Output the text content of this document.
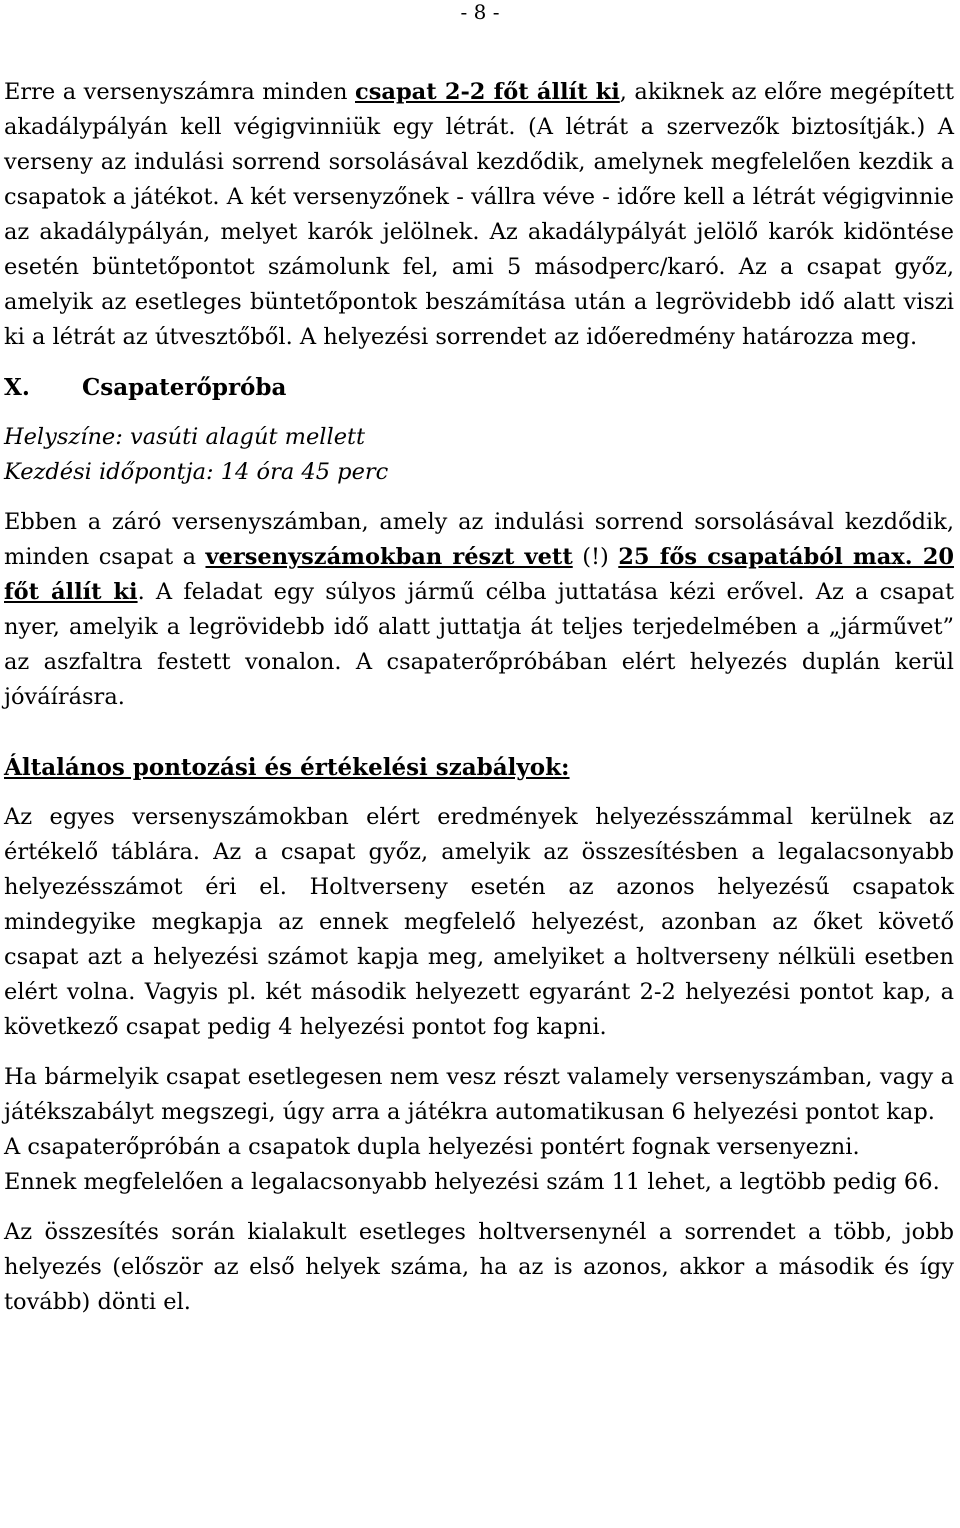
- 8 -

Erre a versenyszámra minden csapat 2-2 főt állít ki, akiknek az előre megépített akadálypályán kell végigvinniük egy létrát. (A létrát a szervezők biztosítják.) A verseny az indulási sorrend sorsolásával kezdődik, amelynek megfelelően kezdik a csapatok a játékot. A két versenyzőnek - vállra véve - időre kell a létrát végigvinnie az akadálypályán, melyet karók jelölnek. Az akadálypályát jelölő karók kidöntése esetén büntetőpontot számolunk fel, ami 5 másodperc/karó. Az a csapat győz, amelyik az esetleges büntetőpontok beszámítása után a legrövidebb idő alatt viszi ki a létrát az útvesztőből. A helyezési sorrendet az időeredmény határozza meg.

X. Csapaterőpróba

Helyszíne: vasúti alagút mellett

Kezdési időpontja: 14 óra 45 perc

Ebben a záró versenyszámban, amely az indulási sorrend sorsolásával kezdődik, minden csapat a versenyszámokban részt vett (!) 25 fős csapatából max. 20 főt állít ki. A feladat egy súlyos jármű célba juttatása kézi erővel. Az a csapat nyer, amelyik a legrövidebb idő alatt juttatja át teljes terjedelmében a „járművet” az aszfaltra festett vonalon. A csapaterőpróbában elért helyezés duplán kerül jóváírásra.

Általános pontozási és értékelési szabályok:

Az egyes versenyszámokban elért eredmények helyezésszámmal kerülnek az értékelő táblára. Az a csapat győz, amelyik az összesítésben a legalacsonyabb helyezésszámot éri el. Holtverseny esetén az azonos helyezésű csapatok mindegyike megkapja az ennek megfelelő helyezést, azonban az őket követő csapat azt a helyezési számot kapja meg, amelyiket a holtverseny nélküli esetben elért volna. Vagyis pl. két második helyezett egyaránt 2-2 helyezési pontot kap, a következő csapat pedig 4 helyezési pontot fog kapni.

Ha bármelyik csapat esetlegesen nem vesz részt valamely versenyszámban, vagy a játékszabályt megszegi, úgy arra a játékra automatikusan 6 helyezési pontot kap.

A csapaterőpróbán a csapatok dupla helyezési pontért fognak versenyezni.

Ennek megfelelően a legalacsonyabb helyezési szám 11 lehet, a legtöbb pedig 66.

Az összesítés során kialakult esetleges holtversenynél a sorrendet a több, jobb helyezés (először az első helyek száma, ha az is azonos, akkor a második és így tovább) dönti el.
